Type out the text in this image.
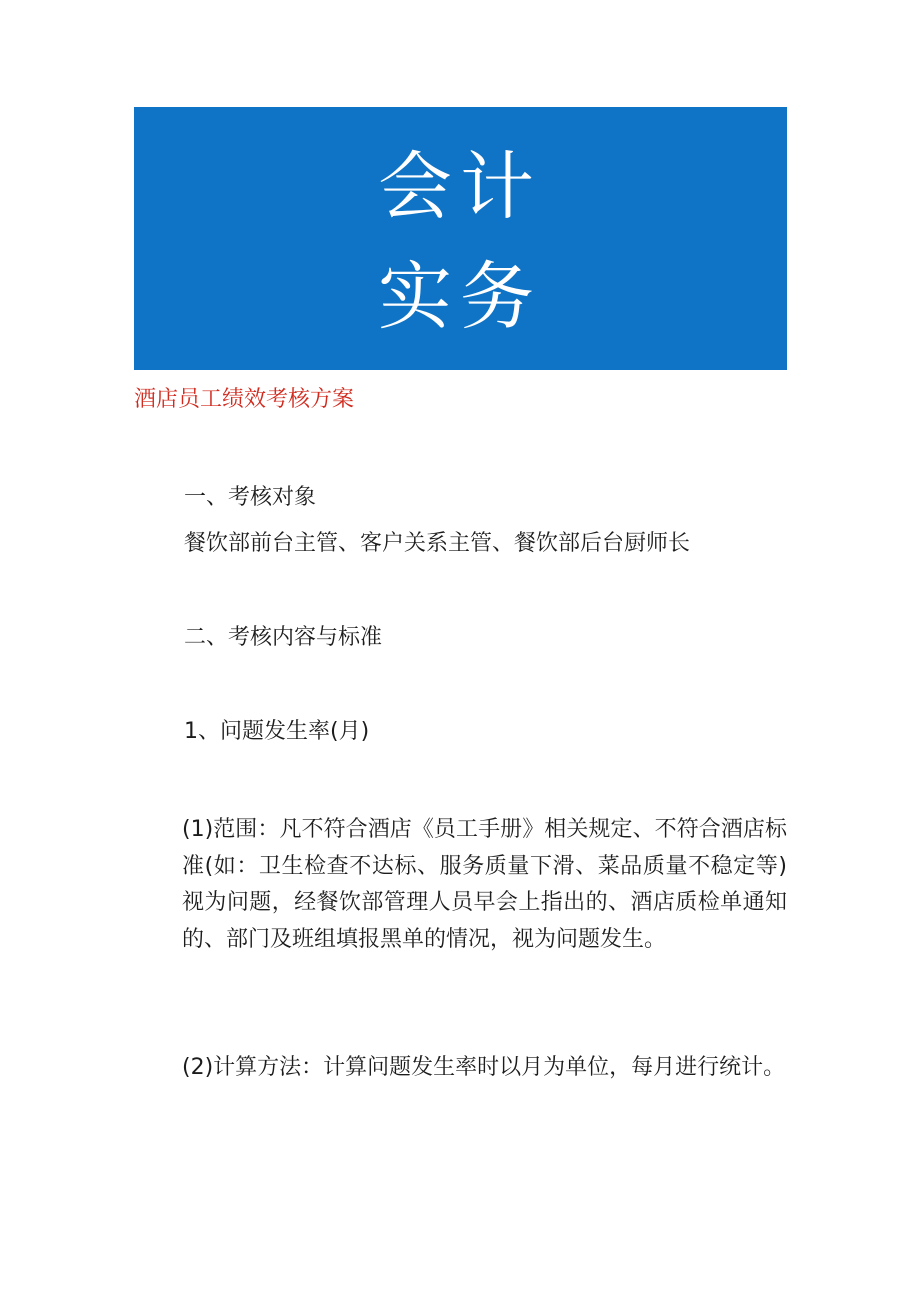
会计
实务
酒店员工绩效考核方案
一、考核对象
餐饮部前台主管、客户关系主管、餐饮部后台厨师长
二、考核内容与标准
1、问题发生率(月)
(1)范围：凡不符合酒店《员工手册》相关规定、不符合酒店标准(如：卫生检查不达标、服务质量下滑、菜品质量不稳定等)视为问题，经餐饮部管理人员早会上指出的、酒店质检单通知的、部门及班组填报黑单的情况，视为问题发生。
(2)计算方法：计算问题发生率时以月为单位，每月进行统计。
